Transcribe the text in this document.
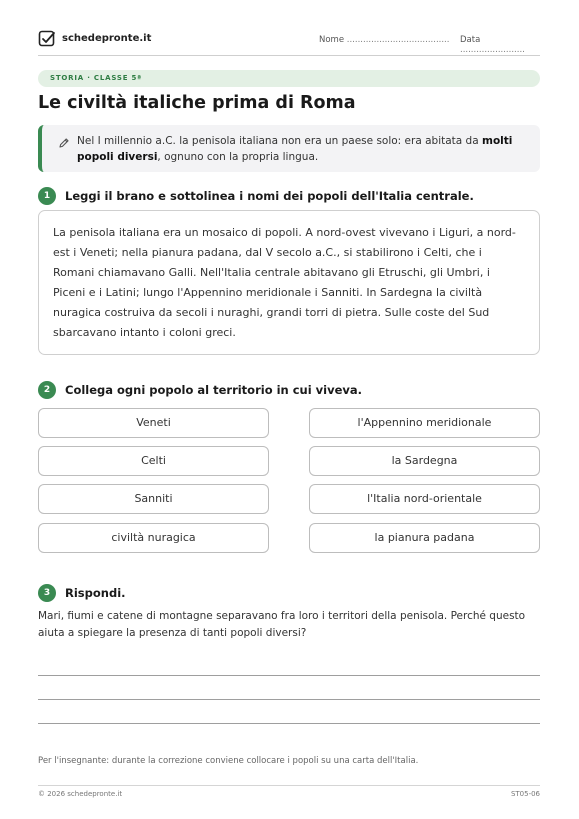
schedepronte.it	Nome ...................................... Data ........................
STORIA · CLASSE 5ª
Le civiltà italiche prima di Roma
Nel I millennio a.C. la penisola italiana non era un paese solo: era abitata da molti popoli diversi, ognuno con la propria lingua.
1	Leggi il brano e sottolinea i nomi dei popoli dell'Italia centrale.
La penisola italiana era un mosaico di popoli. A nord-ovest vivevano i Liguri, a nord-est i Veneti; nella pianura padana, dal V secolo a.C., si stabilirono i Celti, che i Romani chiamavano Galli. Nell'Italia centrale abitavano gli Etruschi, gli Umbri, i Piceni e i Latini; lungo l'Appennino meridionale i Sanniti. In Sardegna la civiltà nuragica costruiva da secoli i nuraghi, grandi torri di pietra. Sulle coste del Sud sbarcavano intanto i coloni greci.
2	Collega ogni popolo al territorio in cui viveva.
Veneti	l'Appennino meridionale
Celti	la Sardegna
Sanniti	l'Italia nord-orientale
civiltà nuragica	la pianura padana
3	Rispondi.
Mari, fiumi e catene di montagne separavano fra loro i territori della penisola. Perché questo aiuta a spiegare la presenza di tanti popoli diversi?
Per l'insegnante: durante la correzione conviene collocare i popoli su una carta dell'Italia.
© 2026 schedepronte.it	ST05-06
